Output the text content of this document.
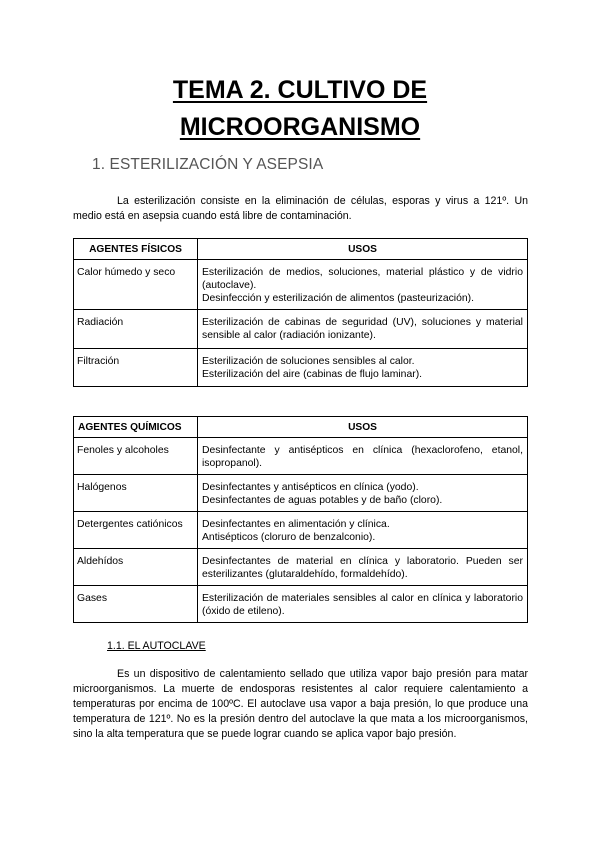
TEMA 2. CULTIVO DE
MICROORGANISMO
1. ESTERILIZACIÓN Y ASEPSIA
La esterilización consiste en la eliminación de células, esporas y virus a 121º. Un medio está en asepsia cuando está libre de contaminación.
AGENTES FÍSICOS	USOS
Calor húmedo y seco	Esterilización de medios, soluciones, material plástico y de vidrio (autoclave).
Desinfección y esterilización de alimentos (pasteurización).

Radiación	Esterilización de cabinas de seguridad (UV), soluciones y material sensible al calor (radiación ionizante).

Filtración	Esterilización de soluciones sensibles al calor.
Esterilización del aire (cabinas de flujo laminar).
AGENTES QUÍMICOS	USOS
Fenoles y alcoholes	Desinfectante y antisépticos en clínica (hexaclorofeno, etanol, isopropanol).

Halógenos	Desinfectantes y antisépticos en clínica (yodo).
Desinfectantes de aguas potables y de baño (cloro).

Detergentes catiónicos	Desinfectantes en alimentación y clínica.
Antisépticos (cloruro de benzalconio).

Aldehídos	Desinfectantes de material en clínica y laboratorio. Pueden ser esterilizantes (glutaraldehído, formaldehído).

Gases	Esterilización de materiales sensibles al calor en clínica y laboratorio (óxido de etileno).
1.1. EL AUTOCLAVE
Es un dispositivo de calentamiento sellado que utiliza vapor bajo presión para matar microorganismos. La muerte de endosporas resistentes al calor requiere calentamiento a temperaturas por encima de 100ºC. El autoclave usa vapor a baja presión, lo que produce una temperatura de 121º. No es la presión dentro del autoclave la que mata a los microorganismos, sino la alta temperatura que se puede lograr cuando se aplica vapor bajo presión.
